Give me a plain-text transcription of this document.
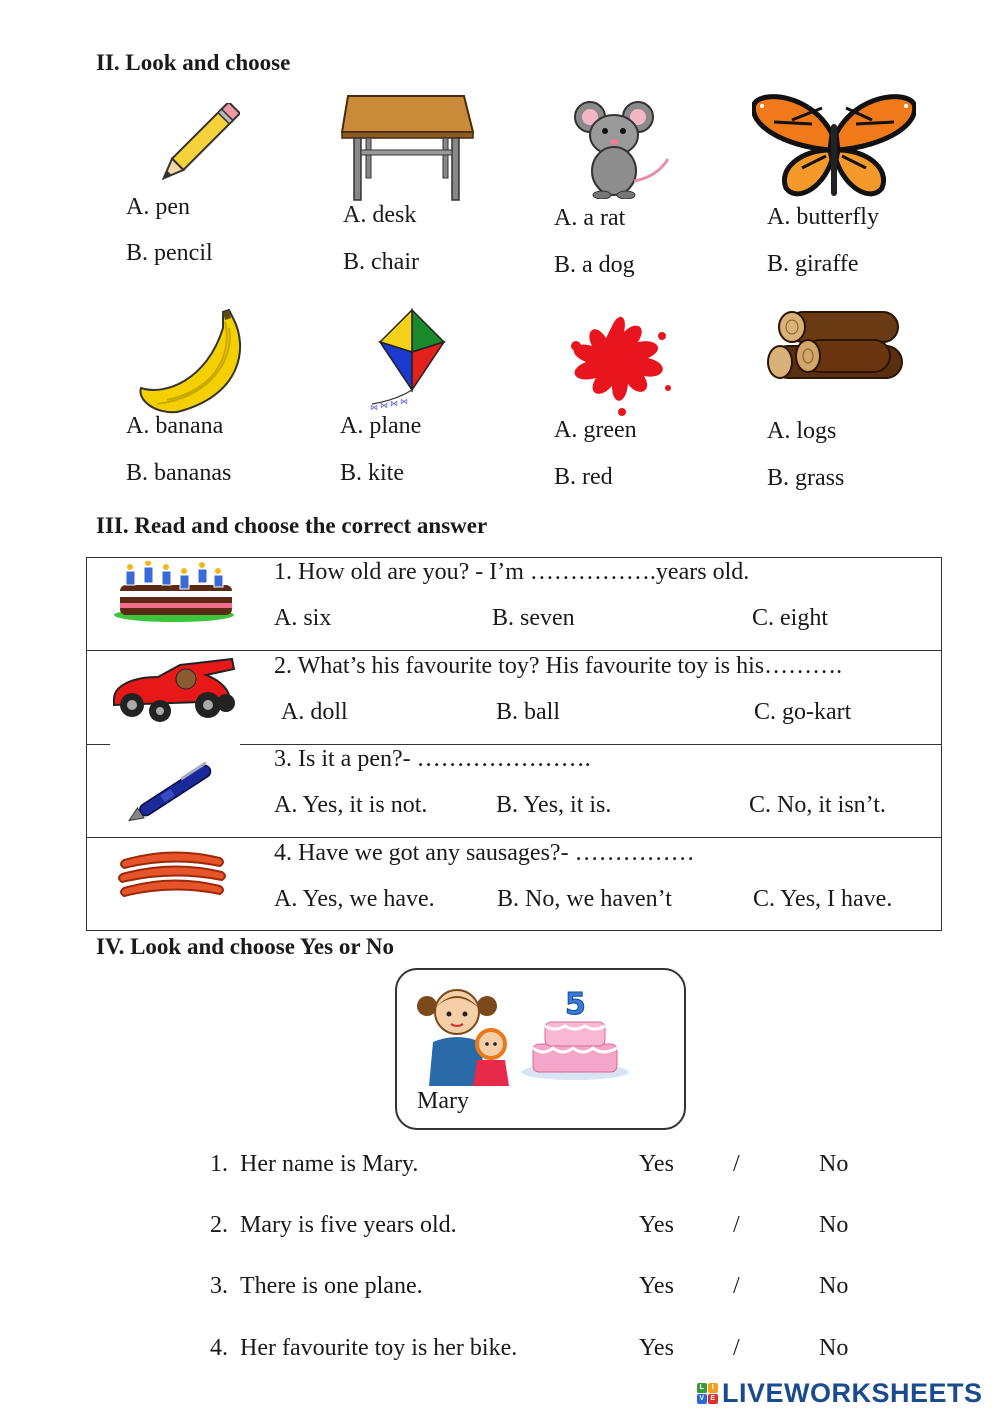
II. Look and choose
A. pen
B. pencil
A. desk
B. chair
A. a rat
B. a dog
A. butterfly
B. giraffe
A. banana
B. bananas
⋈ ⋈ ⋈ ⋈
A. plane
B. kite
A. green
B. red
A. logs
B. grass
III. Read and choose the correct answer
1. How old are you? - I’m …………….years old.
A. six	B. seven	C. eight
2. What’s his favourite toy? His favourite toy is his……….
A. doll	B. ball	C. go-kart
3. Is it a pen?- ………………….
A. Yes, it is not.	B. Yes, it is.	C. No, it isn’t.
4. Have we got any sausages?- ……………
A. Yes, we have.	B. No, we haven’t	C. Yes, I have.
IV. Look and choose Yes or No
5
Mary
1. Her name is Mary.	Yes /	No
2. Mary is five years old.	Yes /	No
3. There is one plane.	Yes /	No
4. Her favourite toy is her bike.	Yes /	No
L	I
V E LIVEWORKSHEETS
